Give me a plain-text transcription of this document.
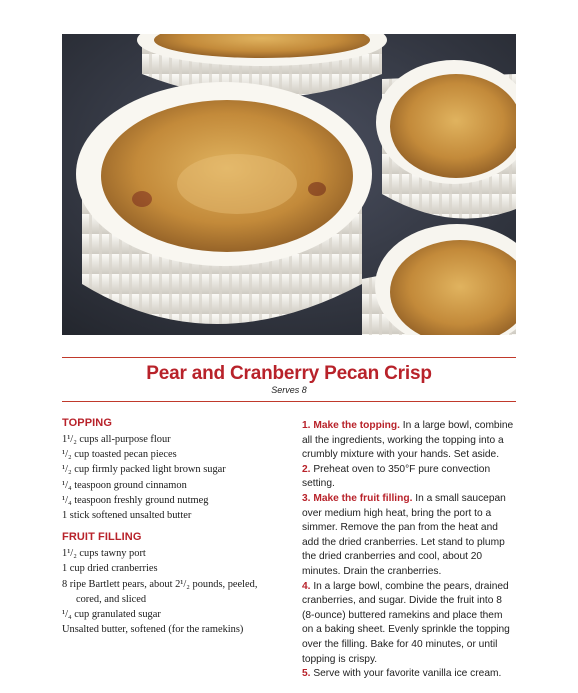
Pear and Cranberry Pecan Crisp
Serves 8
TOPPING
1¹/₂ cups all-purpose flour
¹/₂ cup toasted pecan pieces
¹/₂ cup firmly packed light brown sugar
¹/₄ teaspoon ground cinnamon
¹/₄ teaspoon freshly ground nutmeg
1 stick softened unsalted butter
FRUIT FILLING
1¹/₂ cups tawny port
1 cup dried cranberries
8 ripe Bartlett pears, about 2¹/₂ pounds, peeled,
cored, and sliced
¹/₄ cup granulated sugar
Unsalted butter, softened (for the ramekins)

1. Make the topping. In a large bowl, combine all the ingredients, working the topping into a crumbly mixture with your hands. Set aside.

2. Preheat oven to 350°F pure convection setting.

3. Make the fruit filling. In a small saucepan over medium high heat, bring the port to a simmer. Remove the pan from the heat and add the dried cranberries. Let stand to plump the dried cranberries and cool, about 20 minutes. Drain the cranberries.

4. In a large bowl, combine the pears, drained cranberries, and sugar. Divide the fruit into 8 (8-ounce) buttered ramekins and place them on a baking sheet. Evenly sprinkle the topping over the filling. Bake for 40 minutes, or until topping is crispy.

5. Serve with your favorite vanilla ice cream.
